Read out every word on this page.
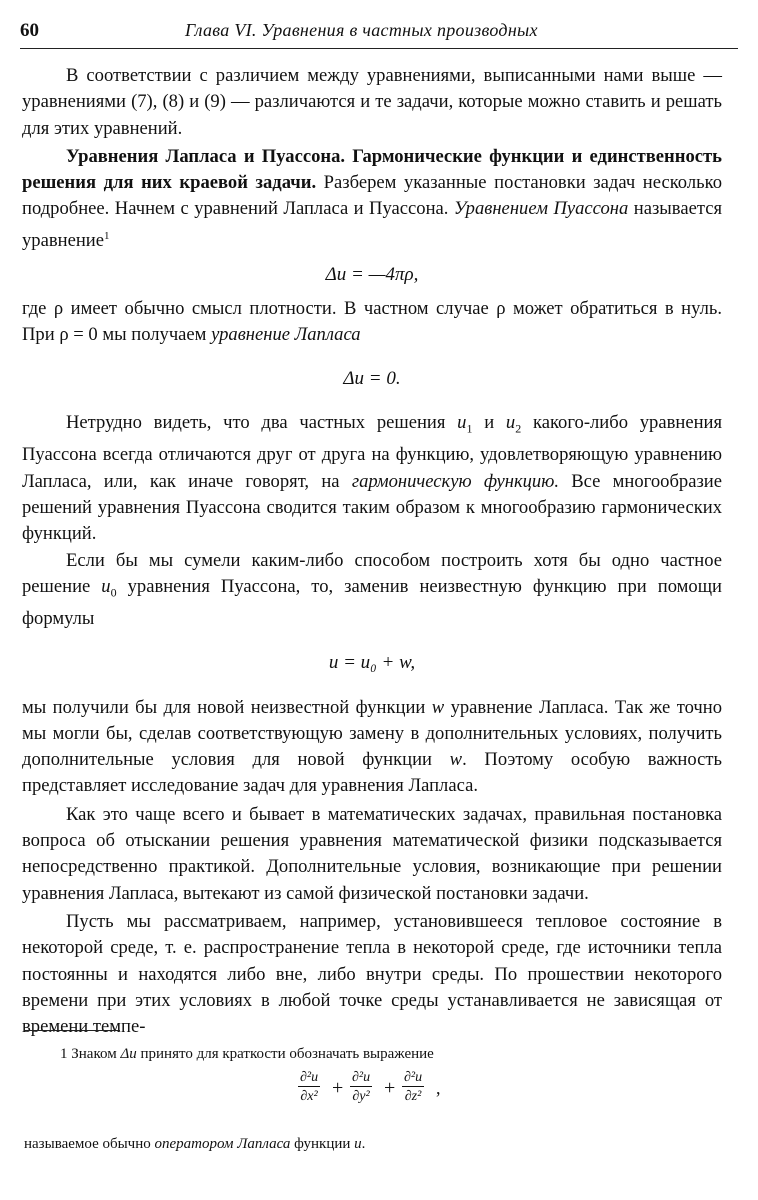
60	Глава VI. Уравнения в частных производных

В соответствии с различием между уравнениями, выписанными нами выше — уравнениями (7), (8) и (9) — различаются и те задачи, которые можно ставить и решать для этих уравнений.

Уравнения Лапласа и Пуассона. Гармонические функции и единственность решения для них краевой задачи. Разберем указанные постановки задач несколько подробнее. Начнем с уравнений Лапласа и Пуассона. Уравнением Пуассона называется уравнение$^1$

Δu = —4πρ,

где ρ имеет обычно смысл плотности. В частном случае ρ может обратиться в нуль. При ρ = 0 мы получаем уравнение Лапласа

Δu = 0.

Нетрудно видеть, что два частных решения $u_1$ и $u_2$ какого-либо уравнения Пуассона всегда отличаются друг от друга на функцию, удовлетворяющую уравнению Лапласа, или, как иначе говорят, на гармоническую функцию. Все многообразие решений уравнения Пуассона сводится таким образом к многообразию гармонических функций.

Если бы мы сумели каким-либо способом построить хотя бы одно частное решение $u_0$ уравнения Пуассона, то, заменив неизвестную функцию при помощи формулы

u = u₀ + w,

мы получили бы для новой неизвестной функции w уравнение Лапласа. Так же точно мы могли бы, сделав соответствующую замену в дополнительных условиях, получить дополнительные условия для новой функции w. Поэтому особую важность представляет исследование задач для уравнения Лапласа.

Как это чаще всего и бывает в математических задачах, правильная постановка вопроса об отыскании решения уравнения математической физики подсказывается непосредственно практикой. Дополнительные условия, возникающие при решении уравнения Лапласа, вытекают из самой физической постановки задачи.

Пусть мы рассматриваем, например, установившееся тепловое состояние в некоторой среде, т. е. распространение тепла в некоторой среде, где источники тепла постоянны и находятся либо вне, либо внутри среды. По прошествии некоторого времени при этих условиях в любой точке среды устанавливается не зависящая от времени темпе-

1 Знаком Δu принято для краткости обозначать выражение

$\frac{\text{∂²u}}{\text{∂x²}} + \frac{\text{∂²u}}{\text{∂y²}} + \frac{\text{∂²u}}{\text{∂z²}}$ ,

называемое обычно оператором Лапласа функции u.
